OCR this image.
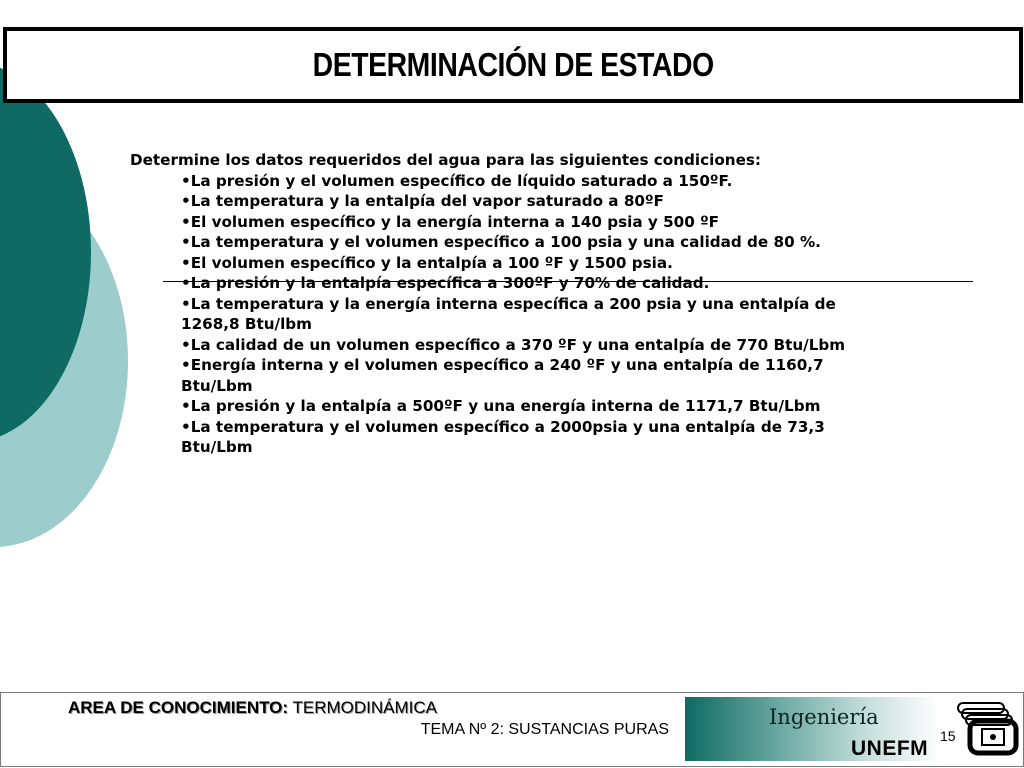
DETERMINACIÓN DE ESTADO

Determine los datos requeridos del agua para las siguientes condiciones:

• La presión y el volumen específico de líquido saturado a 150ºF.
• La temperatura y la entalpía del vapor saturado a 80ºF
• El volumen específico y la energía interna a 140 psia y 500 ºF
• La temperatura y el volumen específico a 100 psia y una calidad de 80 %.
• El volumen específico y la entalpía a 100 ºF y 1500 psia.
• La presión y la entalpía específica a 300ºF y 70% de calidad.
• La temperatura y la energía interna específica a 200 psia y una entalpía de 1268,8 Btu/lbm
• La calidad de un volumen específico a 370 ºF y una entalpía de 770 Btu/Lbm
• Energía interna y el volumen específico a 240 ºF y una entalpía de 1160,7 Btu/Lbm
• La presión y la entalpía a 500ºF y una energía interna de 1171,7 Btu/Lbm
• La temperatura y el volumen específico a 2000psia y una entalpía de 73,3 Btu/Lbm
AREA DE CONOCIMIENTO: TERMODINÁMICA
TEMA Nº 2: SUSTANCIAS PURAS
Ingeniería
UNEFM
15
